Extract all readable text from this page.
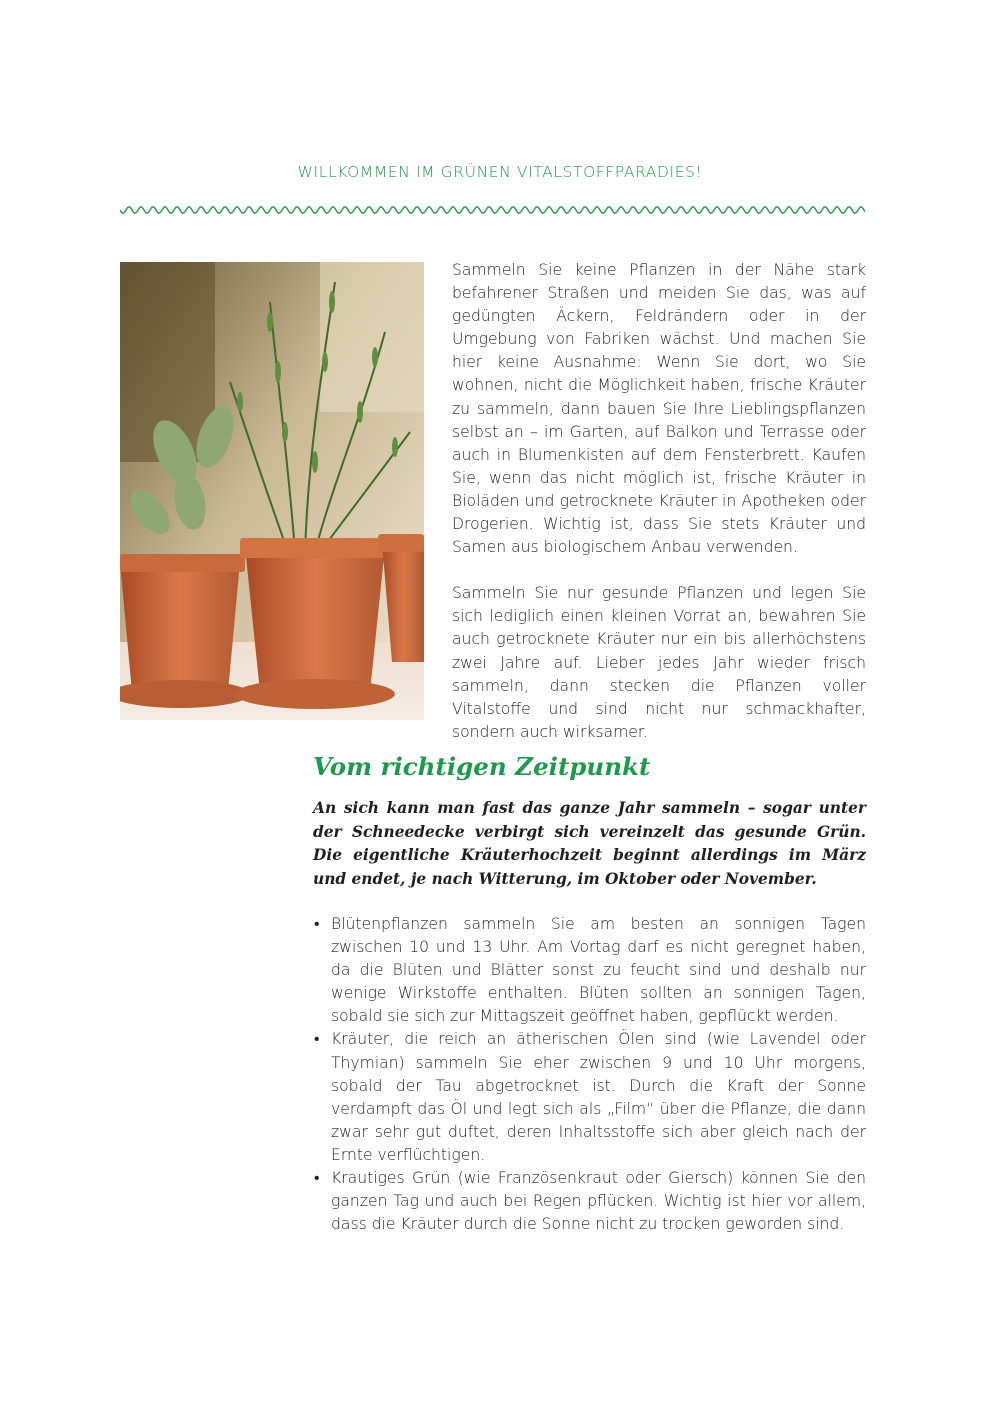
WILLKOMMEN IM GRÜNEN VITALSTOFFPARADIES!

Sammeln Sie keine Pflanzen in der Nähe stark befahrener Straßen und meiden Sie das, was auf gedüngten Äckern, Feldrändern oder in der Umgebung von Fabriken wächst. Und machen Sie hier keine Ausnahme: Wenn Sie dort, wo Sie wohnen, nicht die Möglichkeit haben, frische Kräuter zu sammeln, dann bauen Sie Ihre Lieblingspflanzen selbst an – im Garten, auf Balkon und Terrasse oder auch in Blumenkisten auf dem Fensterbrett. Kaufen Sie, wenn das nicht möglich ist, frische Kräuter in Bioläden und getrocknete Kräuter in Apotheken oder Drogerien. Wichtig ist, dass Sie stets Kräuter und Samen aus biologischem Anbau verwenden.

Sammeln Sie nur gesunde Pflanzen und legen Sie sich lediglich einen kleinen Vorrat an, bewahren Sie auch getrocknete Kräuter nur ein bis allerhöchstens zwei Jahre auf. Lieber jedes Jahr wieder frisch sammeln, dann stecken die Pflanzen voller Vitalstoffe und sind nicht nur schmackhafter, sondern auch wirksamer.

Vom richtigen Zeitpunkt

An sich kann man fast das ganze Jahr sammeln – sogar unter der Schneedecke verbirgt sich vereinzelt das gesunde Grün. Die eigentliche Kräuterhochzeit beginnt allerdings im März und endet, je nach Witterung, im Oktober oder November.

• Blütenpflanzen sammeln Sie am besten an sonnigen Tagen zwischen 10 und 13 Uhr. Am Vortag darf es nicht geregnet haben, da die Blüten und Blätter sonst zu feucht sind und deshalb nur wenige Wirkstoffe enthalten. Blüten sollten an sonnigen Tagen, sobald sie sich zur Mittagszeit geöffnet haben, gepflückt werden.
• Kräuter, die reich an ätherischen Ölen sind (wie Lavendel oder Thymian) sammeln Sie eher zwischen 9 und 10 Uhr morgens, sobald der Tau abgetrocknet ist. Durch die Kraft der Sonne verdampft das Öl und legt sich als „Film“ über die Pflanze, die dann zwar sehr gut duftet, deren Inhaltsstoffe sich aber gleich nach der Ernte verflüchtigen.
• Krautiges Grün (wie Französenkraut oder Giersch) können Sie den ganzen Tag und auch bei Regen pflücken. Wichtig ist hier vor allem, dass die Kräuter durch die Sonne nicht zu trocken geworden sind.
